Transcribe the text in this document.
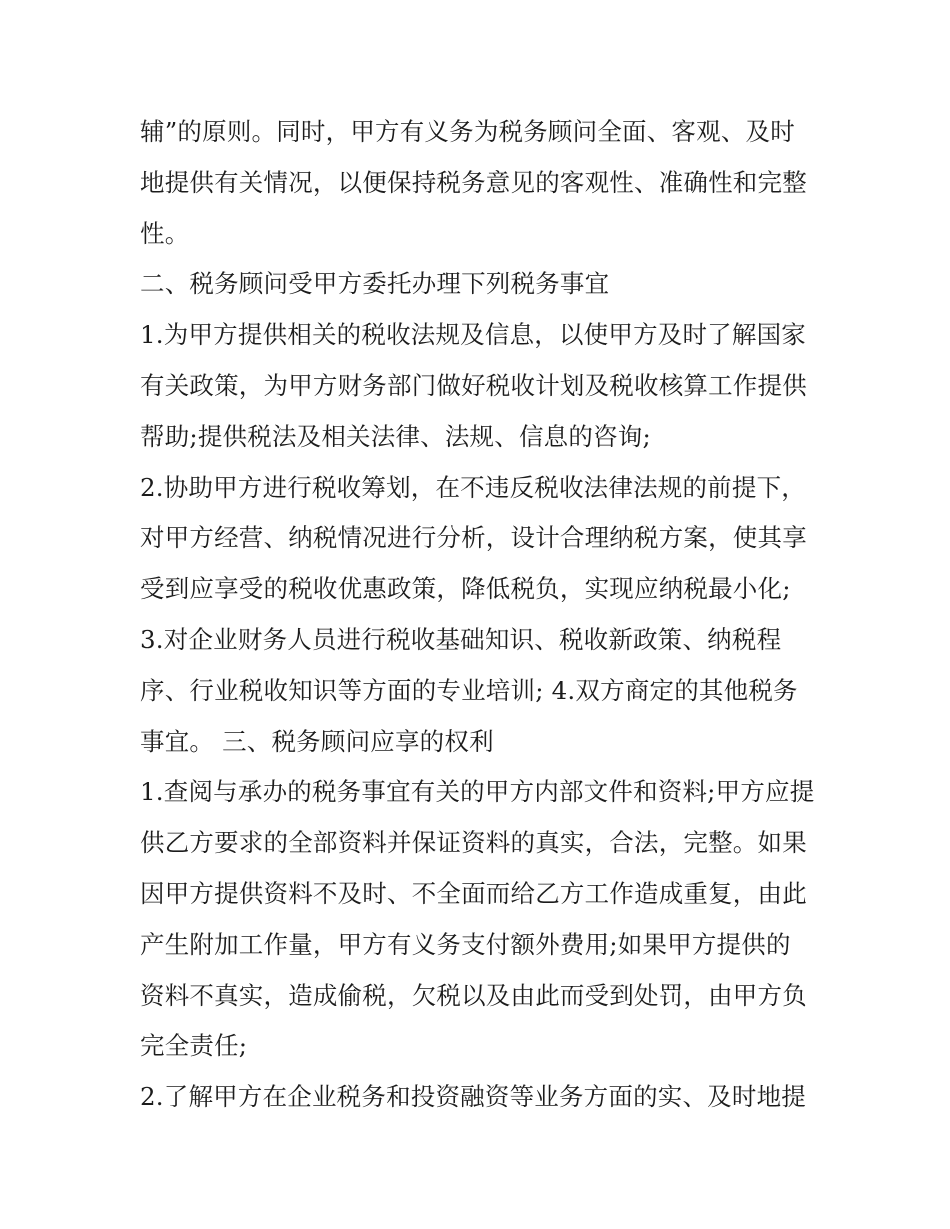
辅”的原则。同时，甲方有义务为税务顾问全面、客观、及时
地提供有关情况，以便保持税务意见的客观性、准确性和完整
性。
二、税务顾问受甲方委托办理下列税务事宜
1.为甲方提供相关的税收法规及信息，以使甲方及时了解国家
有关政策，为甲方财务部门做好税收计划及税收核算工作提供
帮助;提供税法及相关法律、法规、信息的咨询;
2.协助甲方进行税收筹划，在不违反税收法律法规的前提下，
对甲方经营、纳税情况进行分析，设计合理纳税方案，使其享
受到应享受的税收优惠政策，降低税负，实现应纳税最小化;
3.对企业财务人员进行税收基础知识、税收新政策、纳税程
序、行业税收知识等方面的专业培训; 4.双方商定的其他税务
事宜。 三、税务顾问应享的权利
1.查阅与承办的税务事宜有关的甲方内部文件和资料;甲方应提
供乙方要求的全部资料并保证资料的真实，合法，完整。如果
因甲方提供资料不及时、不全面而给乙方工作造成重复，由此
产生附加工作量，甲方有义务支付额外费用;如果甲方提供的
资料不真实，造成偷税，欠税以及由此而受到处罚，由甲方负
完全责任;
2.了解甲方在企业税务和投资融资等业务方面的实、及时地提
